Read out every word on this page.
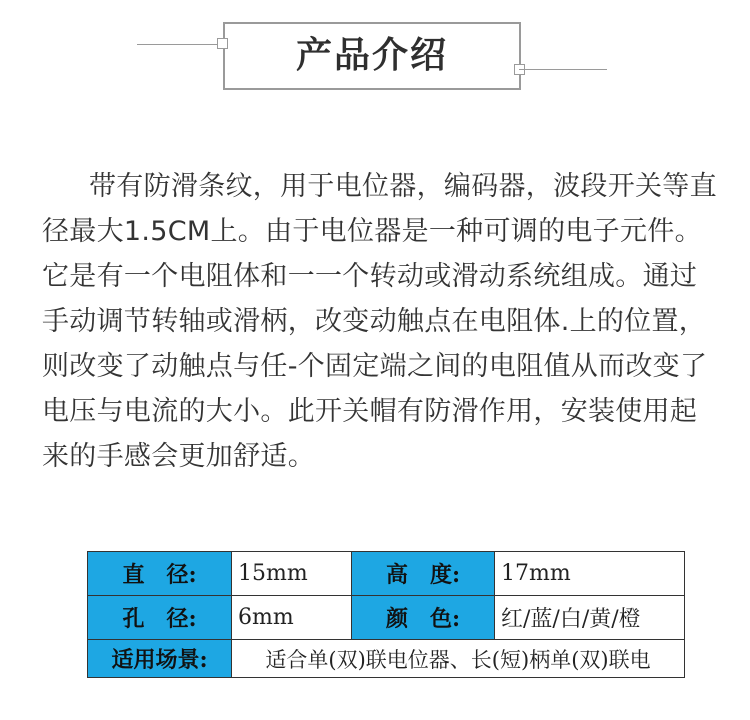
产品介绍

带有防滑条纹，用于电位器，编码器，波段开关等直径最大1.5CM上。由于电位器是一种可调的电子元件。它是有一个电阻体和一一个转动或滑动系统组成。通过手动调节转轴或滑柄，改变动触点在电阻体.上的位置，则改变了动触点与任-个固定端之间的电阻值从而改变了电压与电流的大小。此开关帽有防滑作用，安装使用起来的手感会更加舒适。

直　径:	15mm	高　度:	17mm
孔　径:	6mm	颜　色:	红/蓝/白/黄/橙
适用场景:	适合单(双)联电位器、长(短)柄单(双)联电		
